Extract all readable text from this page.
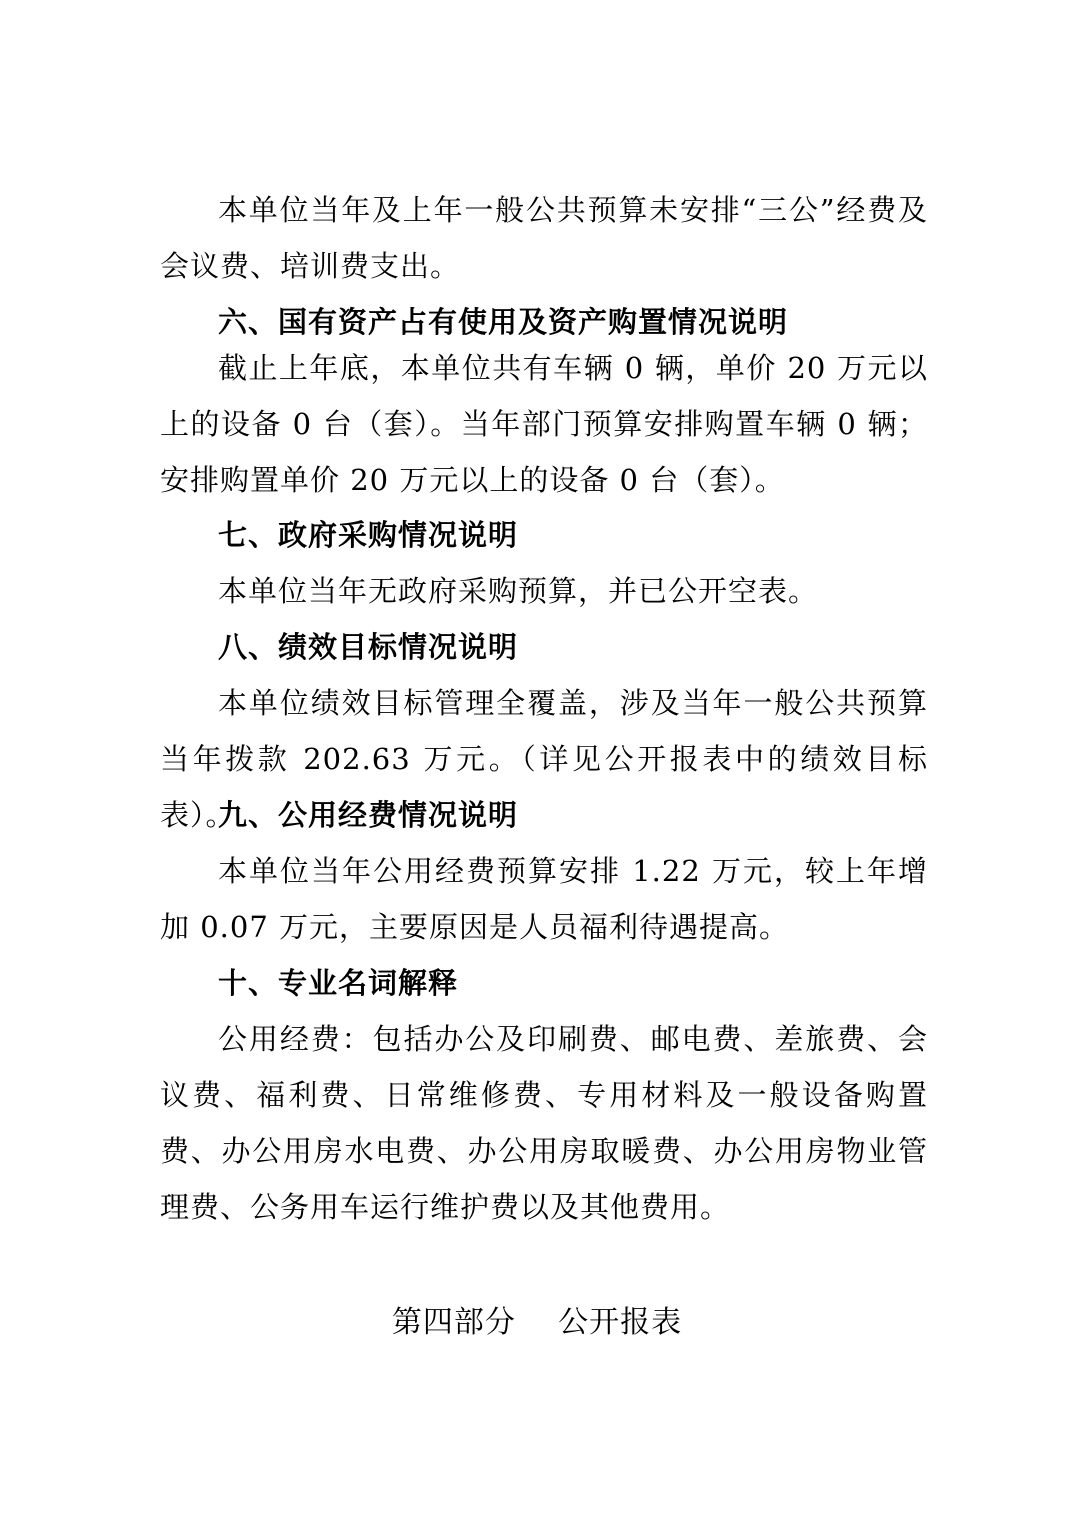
本单位当年及上年一般公共预算未安排“三公”经费及会议费、培训费支出。
六、国有资产占有使用及资产购置情况说明
截止上年底，本单位共有车辆 0 辆，单价 20 万元以上的设备 0 台（套）。当年部门预算安排购置车辆 0 辆；安排购置单价 20 万元以上的设备 0 台（套）。
七、政府采购情况说明
本单位当年无政府采购预算，并已公开空表。
八、绩效目标情况说明
本单位绩效目标管理全覆盖，涉及当年一般公共预算当年拨款 202.63 万元。（详见公开报表中的绩效目标表）。
九、公用经费情况说明
本单位当年公用经费预算安排 1.22 万元，较上年增加 0.07 万元，主要原因是人员福利待遇提高。
十、专业名词解释
公用经费：包括办公及印刷费、邮电费、差旅费、会议费、福利费、日常维修费、专用材料及一般设备购置费、办公用房水电费、办公用房取暖费、办公用房物业管理费、公务用车运行维护费以及其他费用。
第四部分    公开报表
